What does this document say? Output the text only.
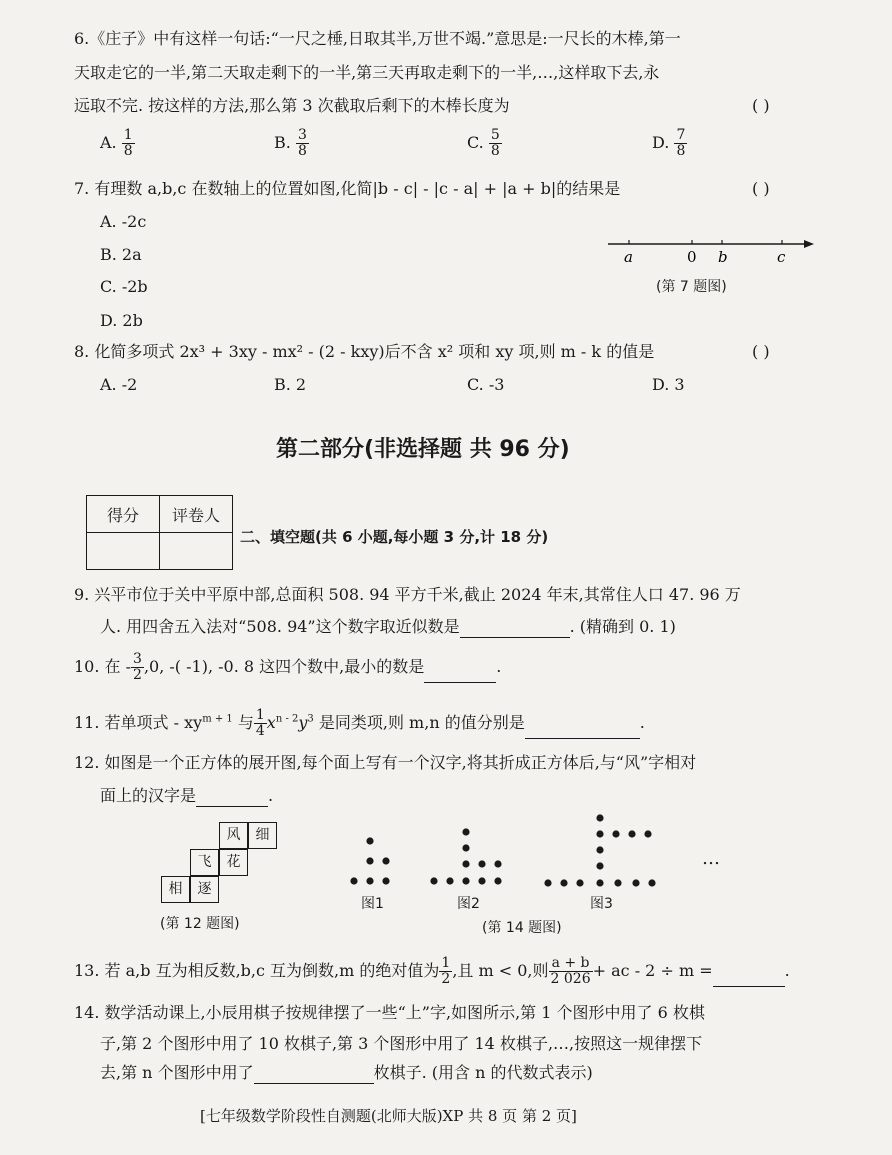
6.《庄子》中有这样一句话:“一尺之棰,日取其半,万世不竭.”意思是:一尺长的木棒,第一
天取走它的一半,第二天取走剩下的一半,第三天再取走剩下的一半,…,这样取下去,永
远取不完. 按这样的方法,那么第 3 次截取后剩下的木棒长度为	( )
A. $\frac{1}{8}$	B. $\frac{3}{8}$	C. $\frac{5}{8}$	D. $\frac{7}{8}$
7. 有理数 a,b,c 在数轴上的位置如图,化简|b - c| - |c - a| + |a + b|的结果是	( )
A. -2c
B. 2a
C. -2b
D. 2b
a	0 b	c
(第 7 题图)
8. 化简多项式 2x³ + 3xy - mx² - (2 - kxy)后不含 x² 项和 xy 项,则 m - k 的值是	( )
A. -2	B. 2	C. -3	D. 3
第二部分(非选择题 共 96 分)
得分	评卷人

二、填空题(共 6 小题,每小题 3 分,计 18 分)
9. 兴平市位于关中平原中部,总面积 508. 94 平方千米,截止 2024 年末,其常住人口 47. 96 万
人. 用四舍五入法对“508. 94”这个数字取近似数是	. (精确到 0. 1)
10. 在 - $\frac{3}{2} ,0$, -( -1), -0. 8 这四个数中,最小的数是	.
11. 若单项式 - $xy^{m + 1}$ 与 $\frac{1}{4} x^{n - 2}y^3$ 是同类项,则 m,n 的值分别是	.
12. 如图是一个正方体的展开图,每个面上写有一个汉字,将其折成正方体后,与“风”字相对
面上的汉字是	.
风	细
飞	花
相	逐
(第 12 题图)
…
图1	图2	图3
(第 14 题图)
13. 若 a,b 互为相反数,b,c 互为倒数,m 的绝对值为 $\frac{1}{2}$ ,且 m < 0,则 $\frac{a + b}{2 026}$ + ac - 2 ÷ m =	.
14. 数学活动课上,小辰用棋子按规律摆了一些“上”字,如图所示,第 1 个图形中用了 6 枚棋
子,第 2 个图形中用了 10 枚棋子,第 3 个图形中用了 14 枚棋子,…,按照这一规律摆下
去,第 n 个图形中用了	枚棋子. (用含 n 的代数式表示)
[七年级数学阶段性自测题(北师大版)XP 共 8 页 第 2 页]
